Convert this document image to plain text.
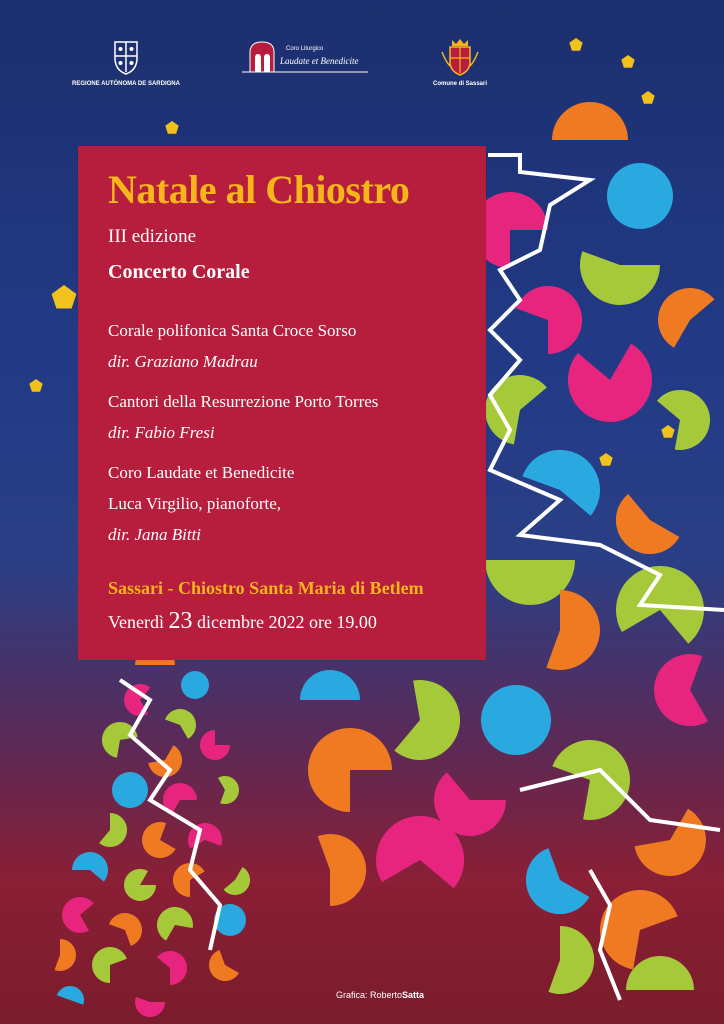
REGIONE AUTÒNOMA DE SARDIGNA
Coro Liturgico
Laudate et Benedicite
Comune di Sassari
Natale al Chiostro
III edizione
Concerto Corale
Corale polifonica Santa Croce Sorso
dir. Graziano Madrau
Cantori della Resurrezione Porto Torres
dir. Fabio Fresi
Coro Laudate et Benedicite
Luca Virgilio, pianoforte,
dir. Jana Bitti
Sassari - Chiostro Santa Maria di Betlem
Venerdì 23 dicembre 2022 ore 19.00
Grafica: RobertoSatta
